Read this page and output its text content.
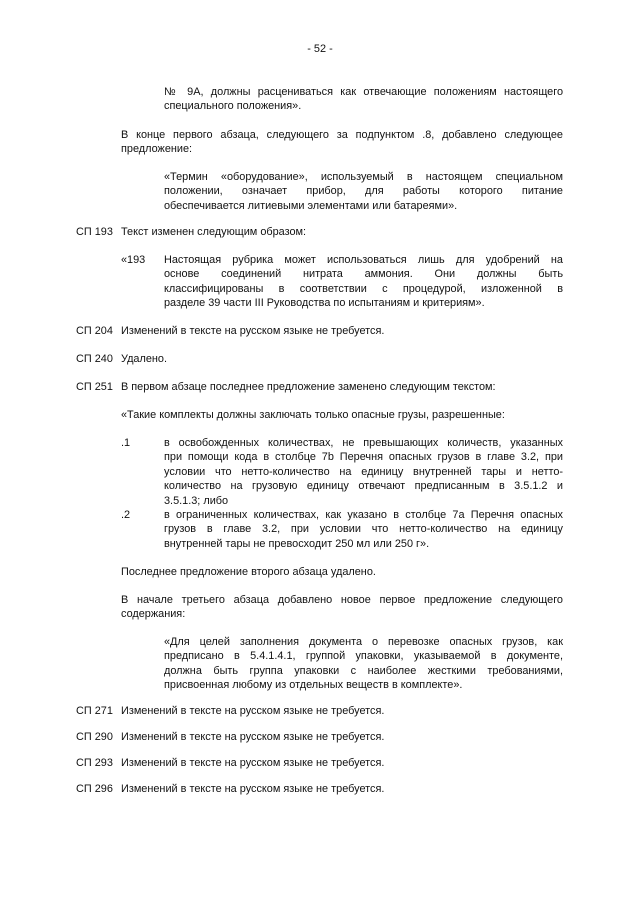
- 52 -
№ 9A, должны расцениваться как отвечающие положениям настоящего
специального положения».
В конце первого абзаца, следующего за подпунктом .8, добавлено следующее
предложение:
«Термин «оборудование», используемый в настоящем специальном
положении, означает прибор, для работы которого питание
обеспечивается литиевыми элементами или батареями».
СП 193 Текст изменен следующим образом:
«193 Настоящая рубрика может использоваться лишь для удобрений на
основе соединений нитрата аммония. Они должны быть
классифицированы в соответствии с процедурой, изложенной в
разделе 39 части III Руководства по испытаниям и критериям».
СП 204 Изменений в тексте на русском языке не требуется.
СП 240 Удалено.
СП 251 В первом абзаце последнее предложение заменено следующим текстом:
«Такие комплекты должны заключать только опасные грузы, разрешенные:
.1	в освобожденных количествах, не превышающих количеств, указанных
при помощи кода в столбце 7b Перечня опасных грузов в главе 3.2, при
условии что нетто-количество на единицу внутренней тары и нетто-
количество на грузовую единицу отвечают предписанным в 3.5.1.2 и
3.5.1.3; либо
.2	в ограниченных количествах, как указано в столбце 7a Перечня опасных
грузов в главе 3.2, при условии что нетто-количество на единицу
внутренней тары не превосходит 250 мл или 250 г».
Последнее предложение второго абзаца удалено.
В начале третьего абзаца добавлено новое первое предложение следующего
содержания:
«Для целей заполнения документа о перевозке опасных грузов, как
предписано в 5.4.1.4.1, группой упаковки, указываемой в документе,
должна быть группа упаковки с наиболее жесткими требованиями,
присвоенная любому из отдельных веществ в комплекте».
СП 271 Изменений в тексте на русском языке не требуется.
СП 290 Изменений в тексте на русском языке не требуется.
СП 293 Изменений в тексте на русском языке не требуется.
СП 296 Изменений в тексте на русском языке не требуется.
